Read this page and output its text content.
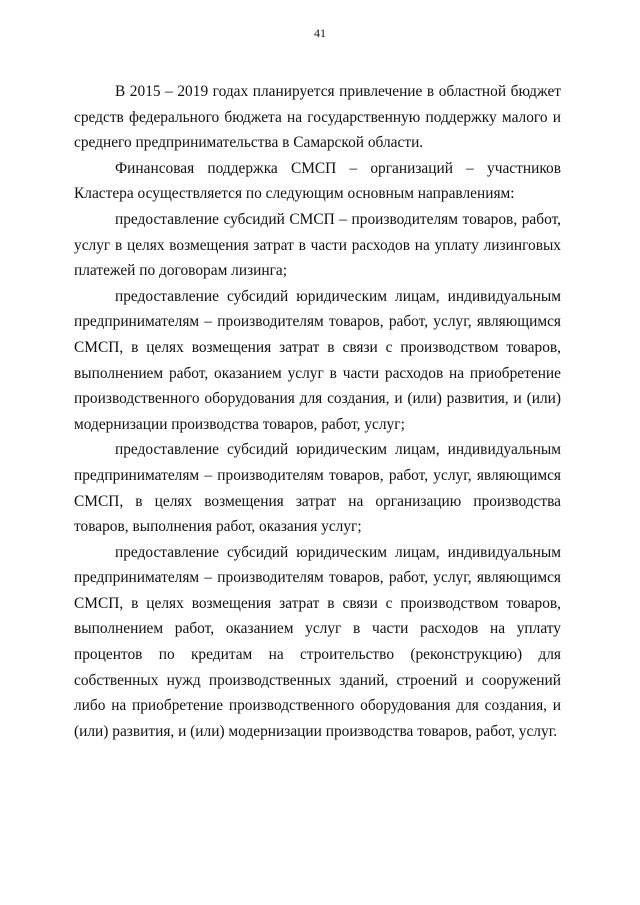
41

В 2015 – 2019 годах планируется привлечение в областной бюджет средств федерального бюджета на государственную поддержку малого и среднего предпринимательства в Самарской области.

Финансовая поддержка СМСП – организаций – участников Кластера осуществляется по следующим основным направлениям:

предоставление субсидий СМСП – производителям товаров, работ, услуг в целях возмещения затрат в части расходов на уплату лизинговых платежей по договорам лизинга;

предоставление субсидий юридическим лицам, индивидуальным предпринимателям – производителям товаров, работ, услуг, являющимся СМСП, в целях возмещения затрат в связи с производством товаров, выполнением работ, оказанием услуг в части расходов на приобретение производственного оборудования для создания, и (или) развития, и (или) модернизации производства товаров, работ, услуг;

предоставление субсидий юридическим лицам, индивидуальным предпринимателям – производителям товаров, работ, услуг, являющимся СМСП, в целях возмещения затрат на организацию производства товаров, выполнения работ, оказания услуг;

предоставление субсидий юридическим лицам, индивидуальным предпринимателям – производителям товаров, работ, услуг, являющимся СМСП, в целях возмещения затрат в связи с производством товаров, выполнением работ, оказанием услуг в части расходов на уплату процентов по кредитам на строительство (реконструкцию) для собственных нужд производственных зданий, строений и сооружений либо на приобретение производственного оборудования для создания, и (или) развития, и (или) модернизации производства товаров, работ, услуг.
